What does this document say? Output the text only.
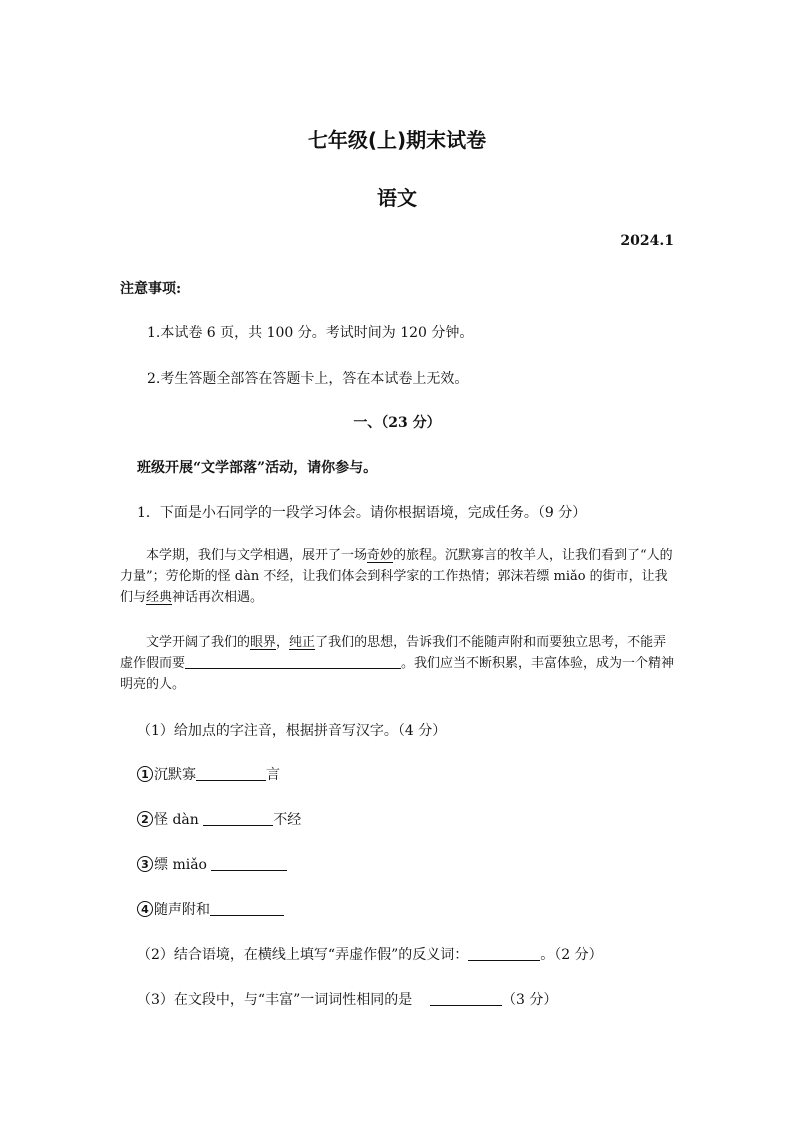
七年级(上)期末试卷
语文
2024.1
注意事项:
1.本试卷 6 页，共 100 分。考试时间为 120 分钟。
2.考生答题全部答在答题卡上，答在本试卷上无效。
一、（23 分）
班级开展“文学部落”活动，请你参与。
1．下面是小石同学的一段学习体会。请你根据语境，完成任务。（9 分）
本学期，我们与文学相遇，展开了一场奇妙的旅程。沉默寡言的牧羊人，让我们看到了“人的力量”；劳伦斯的怪 dàn 不经，让我们体会到科学家的工作热情；郭沫若缥 miǎo 的街市，让我们与经典神话再次相遇。
文学开阔了我们的眼界，纯正了我们的思想，告诉我们不能随声附和而要独立思考，不能弄虚作假而要	。我们应当不断积累，丰富体验，成为一个精神明亮的人。
（1）给加点的字注音，根据拼音写汉字。（4 分）
1 沉默寡	言
2 怪 dàn	不经
3 缥 miǎo
4 随声附和
（2）结合语境，在横线上填写“弄虚作假”的反义词：	。（2 分）
（3）在文段中，与“丰富”一词词性相同的是	（3 分）
